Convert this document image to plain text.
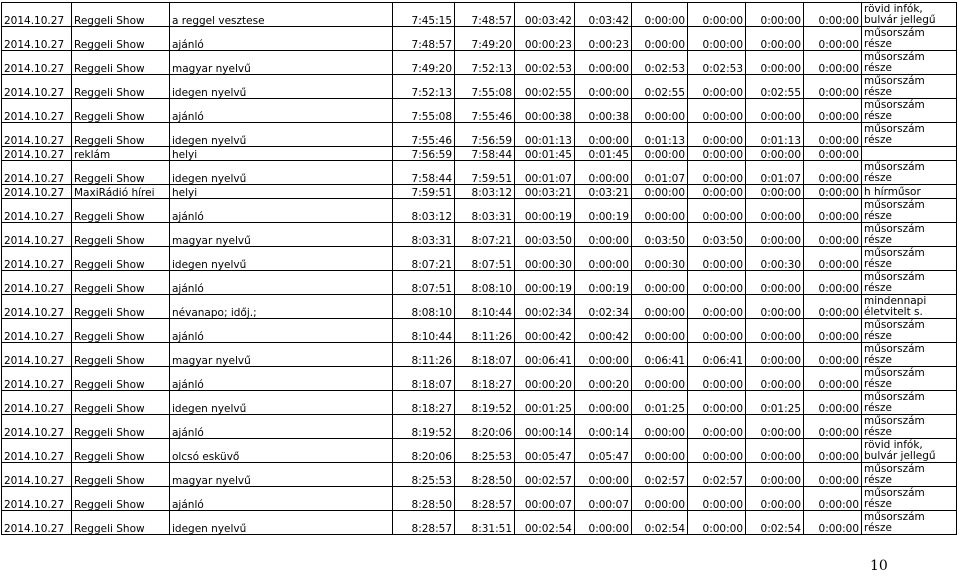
2014.10.27	Reggeli Show	a reggel vesztese	7:45:15	7:48:57	00:03:42	0:03:42	0:00:00	0:00:00	0:00:00	0:00:00	rövid infók, bulvár jellegű
2014.10.27	Reggeli Show	ajánló	7:48:57	7:49:20	00:00:23	0:00:23	0:00:00	0:00:00	0:00:00	0:00:00	műsorszám része
2014.10.27	Reggeli Show	magyar nyelvű	7:49:20	7:52:13	00:02:53	0:00:00	0:02:53	0:02:53	0:00:00	0:00:00	műsorszám része
2014.10.27	Reggeli Show	idegen nyelvű	7:52:13	7:55:08	00:02:55	0:00:00	0:02:55	0:00:00	0:02:55	0:00:00	műsorszám része
2014.10.27	Reggeli Show	ajánló	7:55:08	7:55:46	00:00:38	0:00:38	0:00:00	0:00:00	0:00:00	0:00:00	műsorszám része
2014.10.27	Reggeli Show	idegen nyelvű	7:55:46	7:56:59	00:01:13	0:00:00	0:01:13	0:00:00	0:01:13	0:00:00	műsorszám része
2014.10.27	reklám	helyi	7:56:59	7:58:44	00:01:45	0:01:45	0:00:00	0:00:00	0:00:00	0:00:00	
2014.10.27	Reggeli Show	idegen nyelvű	7:58:44	7:59:51	00:01:07	0:00:00	0:01:07	0:00:00	0:01:07	0:00:00	műsorszám része
2014.10.27	MaxiRádió hírei	helyi	7:59:51	8:03:12	00:03:21	0:03:21	0:00:00	0:00:00	0:00:00	0:00:00	h hírműsor
2014.10.27	Reggeli Show	ajánló	8:03:12	8:03:31	00:00:19	0:00:19	0:00:00	0:00:00	0:00:00	0:00:00	műsorszám része
2014.10.27	Reggeli Show	magyar nyelvű	8:03:31	8:07:21	00:03:50	0:00:00	0:03:50	0:03:50	0:00:00	0:00:00	műsorszám része
2014.10.27	Reggeli Show	idegen nyelvű	8:07:21	8:07:51	00:00:30	0:00:00	0:00:30	0:00:00	0:00:30	0:00:00	műsorszám része
2014.10.27	Reggeli Show	ajánló	8:07:51	8:08:10	00:00:19	0:00:19	0:00:00	0:00:00	0:00:00	0:00:00	műsorszám része
2014.10.27	Reggeli Show	névanapo; időj.;	8:08:10	8:10:44	00:02:34	0:02:34	0:00:00	0:00:00	0:00:00	0:00:00	mindennapi életvitelt s.
2014.10.27	Reggeli Show	ajánló	8:10:44	8:11:26	00:00:42	0:00:42	0:00:00	0:00:00	0:00:00	0:00:00	műsorszám része
2014.10.27	Reggeli Show	magyar nyelvű	8:11:26	8:18:07	00:06:41	0:00:00	0:06:41	0:06:41	0:00:00	0:00:00	műsorszám része
2014.10.27	Reggeli Show	ajánló	8:18:07	8:18:27	00:00:20	0:00:20	0:00:00	0:00:00	0:00:00	0:00:00	műsorszám része
2014.10.27	Reggeli Show	idegen nyelvű	8:18:27	8:19:52	00:01:25	0:00:00	0:01:25	0:00:00	0:01:25	0:00:00	műsorszám része
2014.10.27	Reggeli Show	ajánló	8:19:52	8:20:06	00:00:14	0:00:14	0:00:00	0:00:00	0:00:00	0:00:00	műsorszám része
2014.10.27	Reggeli Show	olcsó esküvő	8:20:06	8:25:53	00:05:47	0:05:47	0:00:00	0:00:00	0:00:00	0:00:00	rövid infók, bulvár jellegű
2014.10.27	Reggeli Show	magyar nyelvű	8:25:53	8:28:50	00:02:57	0:00:00	0:02:57	0:02:57	0:00:00	0:00:00	műsorszám része
2014.10.27	Reggeli Show	ajánló	8:28:50	8:28:57	00:00:07	0:00:07	0:00:00	0:00:00	0:00:00	0:00:00	műsorszám része
2014.10.27	Reggeli Show	idegen nyelvű	8:28:57	8:31:51	00:02:54	0:00:00	0:02:54	0:00:00	0:02:54	0:00:00	műsorszám része
10
